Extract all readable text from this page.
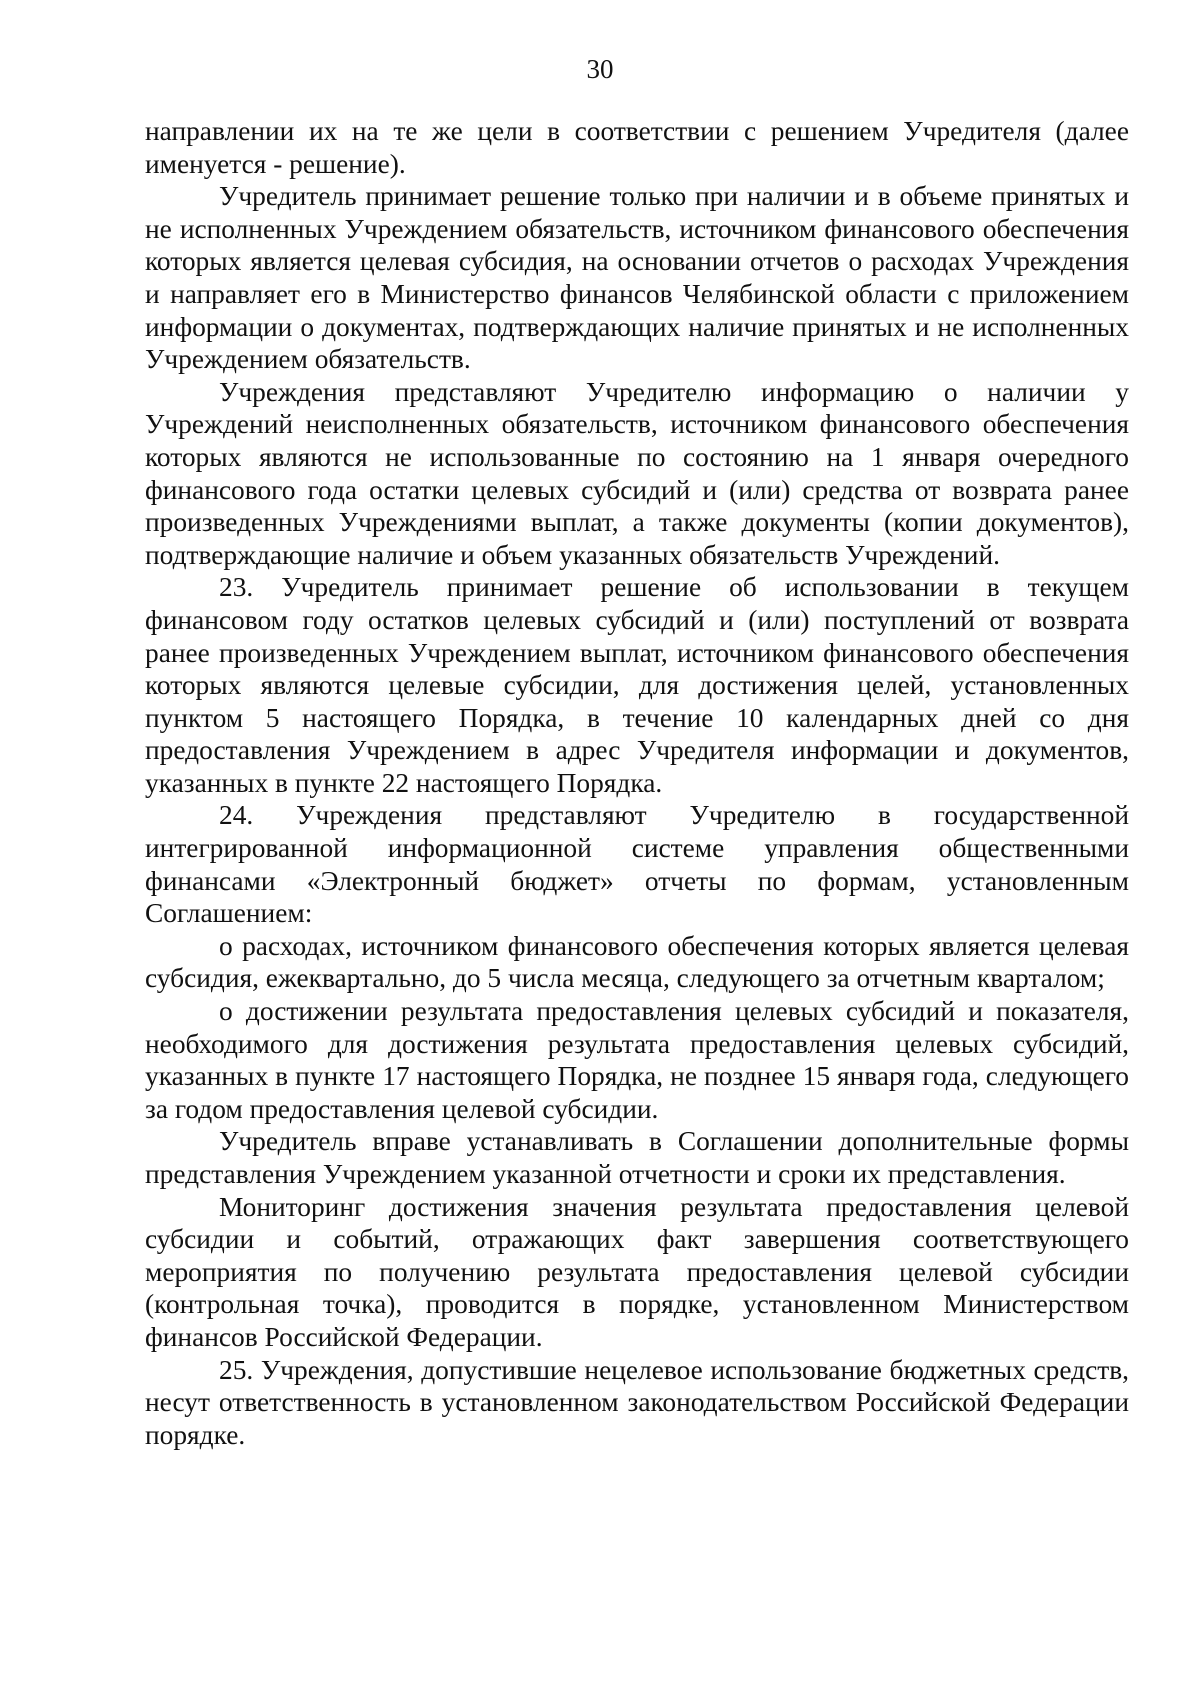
30

направлении их на те же цели в соответствии с решением Учредителя (далее именуется - решение).

Учредитель принимает решение только при наличии и в объеме принятых и не исполненных Учреждением обязательств, источником финансового обеспечения которых является целевая субсидия, на основании отчетов о расходах Учреждения и направляет его в Министерство финансов Челябинской области с приложением информации о документах, подтверждающих наличие принятых и не исполненных Учреждением обязательств.

Учреждения представляют Учредителю информацию о наличии у Учреждений неисполненных обязательств, источником финансового обеспечения которых являются не использованные по состоянию на 1 января очередного финансового года остатки целевых субсидий и (или) средства от возврата ранее произведенных Учреждениями выплат, а также документы (копии документов), подтверждающие наличие и объем указанных обязательств Учреждений.

23. Учредитель принимает решение об использовании в текущем финансовом году остатков целевых субсидий и (или) поступлений от возврата ранее произведенных Учреждением выплат, источником финансового обеспечения которых являются целевые субсидии, для достижения целей, установленных пунктом 5 настоящего Порядка, в течение 10 календарных дней со дня предоставления Учреждением в адрес Учредителя информации и документов, указанных в пункте 22 настоящего Порядка.

24. Учреждения представляют Учредителю в государственной интегрированной информационной системе управления общественными финансами «Электронный бюджет» отчеты по формам, установленным Соглашением:

о расходах, источником финансового обеспечения которых является целевая субсидия, ежеквартально, до 5 числа месяца, следующего за отчетным кварталом;

о достижении результата предоставления целевых субсидий и показателя, необходимого для достижения результата предоставления целевых субсидий, указанных в пункте 17 настоящего Порядка, не позднее 15 января года, следующего за годом предоставления целевой субсидии.

Учредитель вправе устанавливать в Соглашении дополнительные формы представления Учреждением указанной отчетности и сроки их представления.

Мониторинг достижения значения результата предоставления целевой субсидии и событий, отражающих факт завершения соответствующего мероприятия по получению результата предоставления целевой субсидии (контрольная точка), проводится в порядке, установленном Министерством финансов Российской Федерации.

25. Учреждения, допустившие нецелевое использование бюджетных средств, несут ответственность в установленном законодательством Российской Федерации порядке.
